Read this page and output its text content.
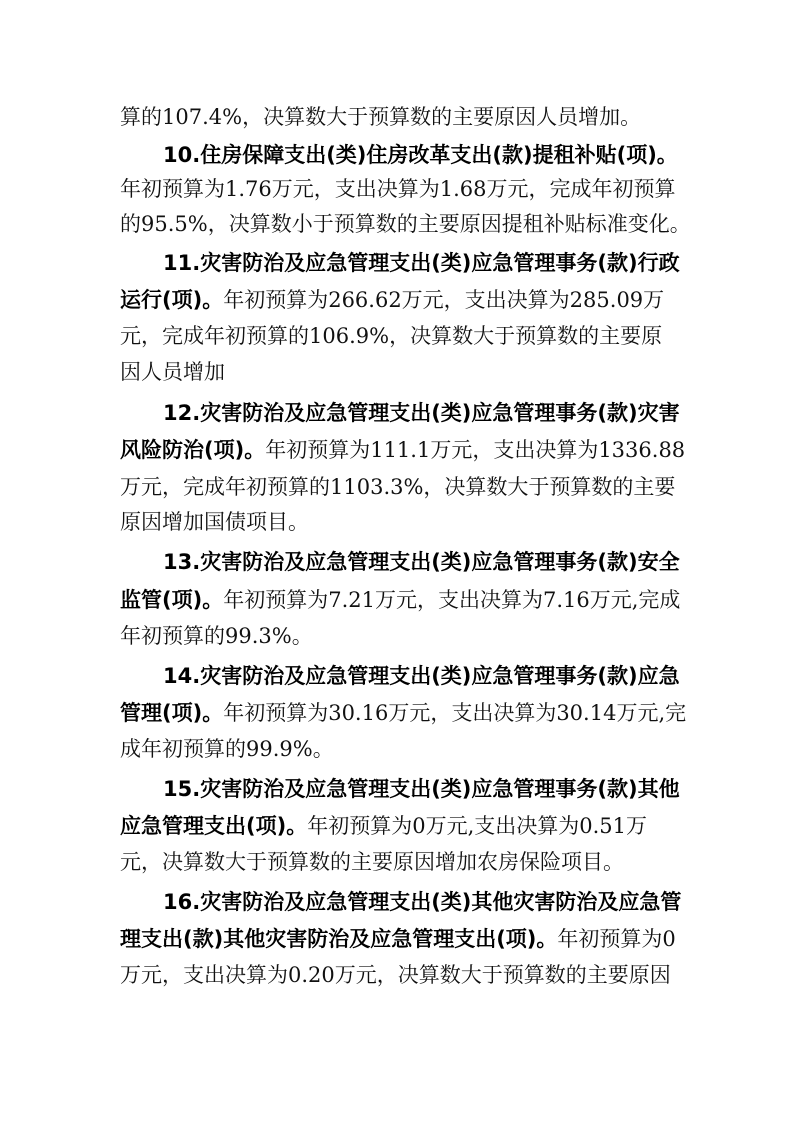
算的107.4%，决算数大于预算数的主要原因人员增加。
10.住房保障支出(类)住房改革支出(款)提租补贴(项)。
年初预算为1.76万元，支出决算为1.68万元，完成年初预算
的95.5%，决算数小于预算数的主要原因提租补贴标准变化。
11.灾害防治及应急管理支出(类)应急管理事务(款)行政
运行(项)。年初预算为266.62万元，支出决算为285.09万
元，完成年初预算的106.9%，决算数大于预算数的主要原
因人员增加
12.灾害防治及应急管理支出(类)应急管理事务(款)灾害
风险防治(项)。年初预算为111.1万元，支出决算为1336.88
万元，完成年初预算的1103.3%，决算数大于预算数的主要
原因增加国债项目。
13.灾害防治及应急管理支出(类)应急管理事务(款)安全
监管(项)。年初预算为7.21万元，支出决算为7.16万元,完成
年初预算的99.3%。
14.灾害防治及应急管理支出(类)应急管理事务(款)应急
管理(项)。年初预算为30.16万元，支出决算为30.14万元,完
成年初预算的99.9%。
15.灾害防治及应急管理支出(类)应急管理事务(款)其他
应急管理支出(项)。年初预算为0万元,支出决算为0.51万
元，决算数大于预算数的主要原因增加农房保险项目。
16.灾害防治及应急管理支出(类)其他灾害防治及应急管
理支出(款)其他灾害防治及应急管理支出(项)。年初预算为0
万元，支出决算为0.20万元，决算数大于预算数的主要原因
